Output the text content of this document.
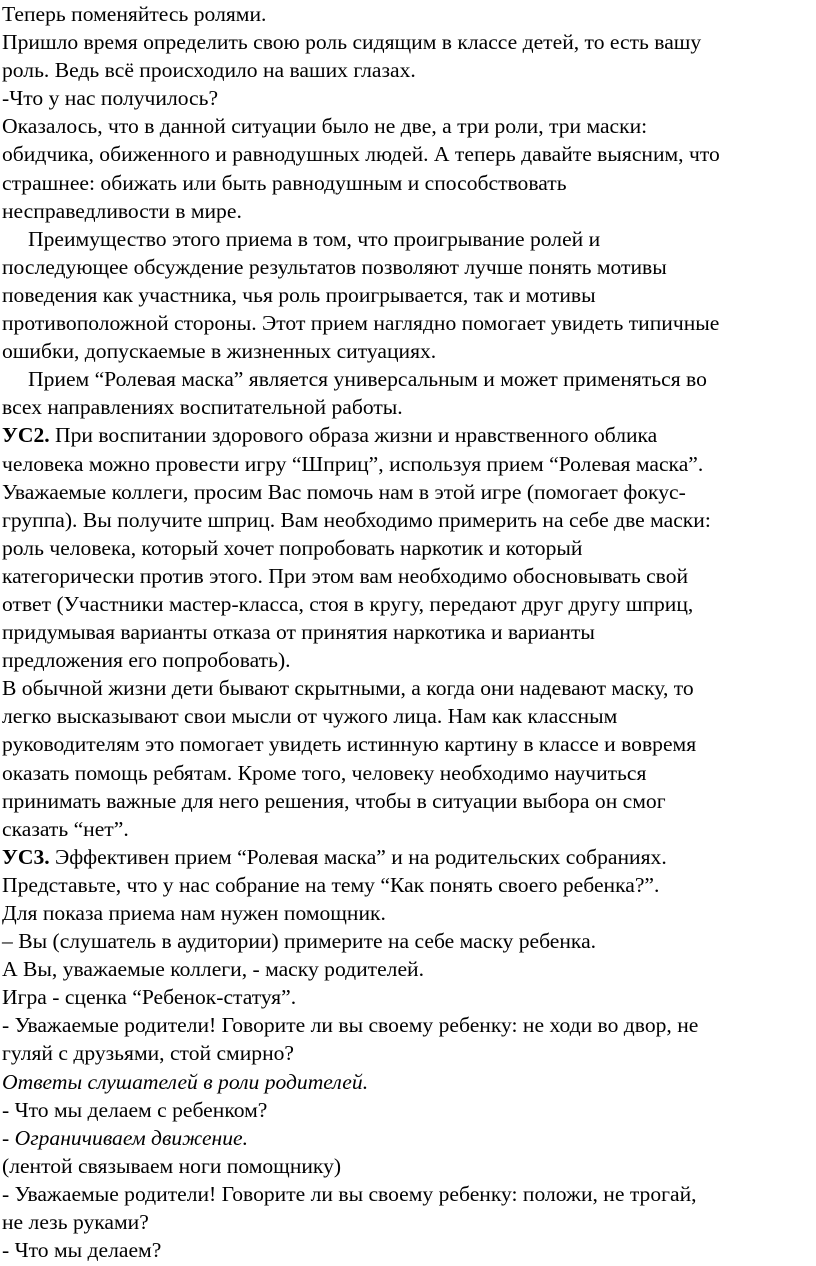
Теперь поменяйтесь ролями.
Пришло время определить свою роль сидящим в классе детей, то есть вашу
роль. Ведь всё происходило на ваших глазах.
-Что у нас получилось?
Оказалось, что в данной ситуации было не две, а три роли, три маски:
обидчика, обиженного и равнодушных людей. А теперь давайте выясним, что
страшнее: обижать или быть равнодушным и способствовать
несправедливости в мире.
Преимущество этого приема в том, что проигрывание ролей и
последующее обсуждение результатов позволяют лучше понять мотивы
поведения как участника, чья роль проигрывается, так и мотивы
противоположной стороны. Этот прием наглядно помогает увидеть типичные
ошибки, допускаемые в жизненных ситуациях.
Прием “Ролевая маска” является универсальным и может применяться во
всех направлениях воспитательной работы.
УС2. При воспитании здорового образа жизни и нравственного облика
человека можно провести игру “Шприц”, используя прием “Ролевая маска”.
Уважаемые коллеги, просим Вас помочь нам в этой игре (помогает фокус-
группа). Вы получите шприц. Вам необходимо примерить на себе две маски:
роль человека, который хочет попробовать наркотик и который
категорически против этого. При этом вам необходимо обосновывать свой
ответ (Участники мастер-класса, стоя в кругу, передают друг другу шприц,
придумывая варианты отказа от принятия наркотика и варианты
предложения его попробовать).
В обычной жизни дети бывают скрытными, а когда они надевают маску, то
легко высказывают свои мысли от чужого лица. Нам как классным
руководителям это помогает увидеть истинную картину в классе и вовремя
оказать помощь ребятам. Кроме того, человеку необходимо научиться
принимать важные для него решения, чтобы в ситуации выбора он смог
сказать “нет”.
УС3. Эффективен прием “Ролевая маска” и на родительских собраниях.
Представьте, что у нас собрание на тему “Как понять своего ребенка?”.
Для показа приема нам нужен помощник.
– Вы (слушатель в аудитории) примерите на себе маску ребенка.
А Вы, уважаемые коллеги, - маску родителей.
Игра - сценка “Ребенок-статуя”.
- Уважаемые родители! Говорите ли вы своему ребенку: не ходи во двор, не
гуляй с друзьями, стой смирно?
Ответы слушателей в роли родителей.
- Что мы делаем с ребенком?
- Ограничиваем движение.
(лентой связываем ноги помощнику)
- Уважаемые родители! Говорите ли вы своему ребенку: положи, не трогай,
не лезь руками?
- Что мы делаем?
